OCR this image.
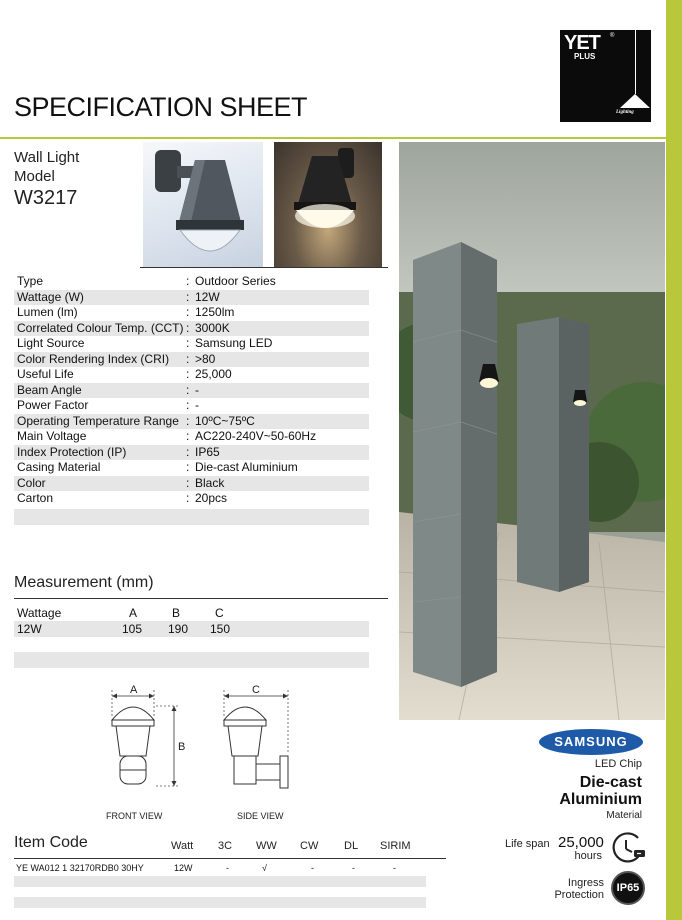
SPECIFICATION SHEET
YET ®
PLUS
Lighting
Wall Light
Model
W3217
Type	: Outdoor Series
Wattage (W)	: 12W
Lumen (lm)	: 1250lm
Correlated Colour Temp. (CCT) : 3000K
Light Source	: Samsung LED
Color Rendering Index (CRI) : >80
Useful Life	: 25,000
Beam Angle	: -
Power Factor	: -
Operating Temperature Range : 10ºC~75ºC
Main Voltage	: AC220-240V~50-60Hz
Index Protection (IP)	: IP65
Casing Material	: Die-cast Aluminium
Color	: Black
Carton	: 20pcs
Measurement (mm)
Wattage	A	B	C
12W	105 190 150
A
B
C
FRONT VIEW	SIDE VIEW
Item Code	Watt 3C WW CW DL SIRIM
YE WA012 1 32170RDB0 30HY	12W	-	√	-	-	-
SAMSUNG
LED Chip
Die-cast
Aluminium
Material
Life span 25,000
hours
Ingress
Protection
IP65
